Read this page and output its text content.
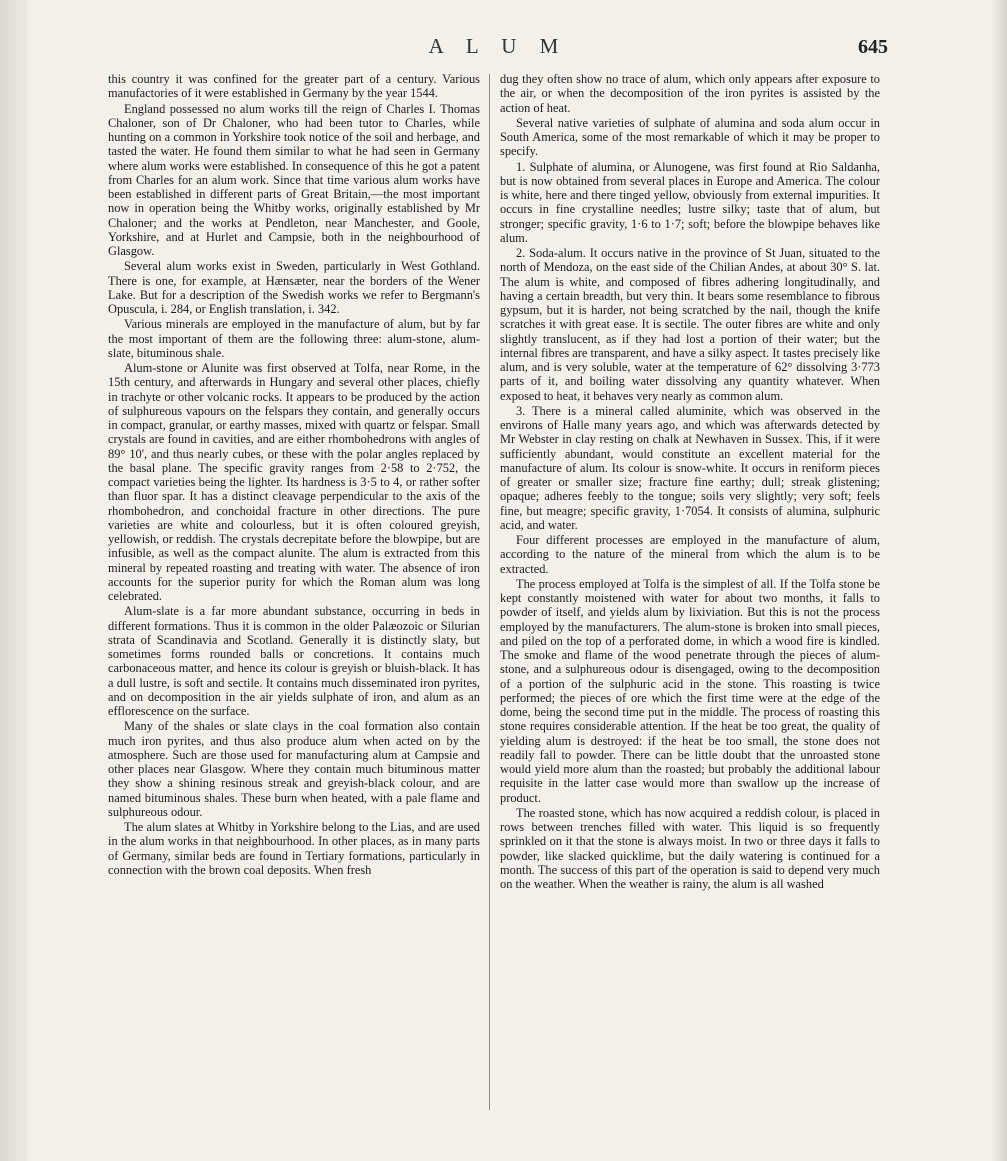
A L U M	645

this country it was confined for the greater part of a century. Various manufactories of it were established in Germany by the year 1544.

England possessed no alum works till the reign of Charles I. Thomas Chaloner, son of Dr Chaloner, who had been tutor to Charles, while hunting on a common in Yorkshire took notice of the soil and herbage, and tasted the water. He found them similar to what he had seen in Germany where alum works were established. In consequence of this he got a patent from Charles for an alum work. Since that time various alum works have been established in different parts of Great Britain,—the most important now in operation being the Whitby works, originally established by Mr Chaloner; and the works at Pendleton, near Manchester, and Goole, Yorkshire, and at Hurlet and Campsie, both in the neighbourhood of Glasgow.

Several alum works exist in Sweden, particularly in West Gothland. There is one, for example, at Hænsæter, near the borders of the Wener Lake. But for a description of the Swedish works we refer to Bergmann's Opuscula, i. 284, or English translation, i. 342.

Various minerals are employed in the manufacture of alum, but by far the most important of them are the following three: alum-stone, alum-slate, bituminous shale.

Alum-stone or Alunite was first observed at Tolfa, near Rome, in the 15th century, and afterwards in Hungary and several other places, chiefly in trachyte or other volcanic rocks. It appears to be produced by the action of sulphureous vapours on the felspars they contain, and generally occurs in compact, granular, or earthy masses, mixed with quartz or felspar. Small crystals are found in cavities, and are either rhombohedrons with angles of 89° 10', and thus nearly cubes, or these with the polar angles replaced by the basal plane. The specific gravity ranges from 2·58 to 2·752, the compact varieties being the lighter. Its hardness is 3·5 to 4, or rather softer than fluor spar. It has a distinct cleavage perpendicular to the axis of the rhombohedron, and conchoidal fracture in other directions. The pure varieties are white and colourless, but it is often coloured greyish, yellowish, or reddish. The crystals decrepitate before the blowpipe, but are infusible, as well as the compact alunite. The alum is extracted from this mineral by repeated roasting and treating with water. The absence of iron accounts for the superior purity for which the Roman alum was long celebrated.

Alum-slate is a far more abundant substance, occurring in beds in different formations. Thus it is common in the older Palæozoic or Silurian strata of Scandinavia and Scotland. Generally it is distinctly slaty, but sometimes forms rounded balls or concretions. It contains much carbonaceous matter, and hence its colour is greyish or bluish-black. It has a dull lustre, is soft and sectile. It contains much disseminated iron pyrites, and on decomposition in the air yields sulphate of iron, and alum as an efflorescence on the surface.

Many of the shales or slate clays in the coal formation also contain much iron pyrites, and thus also produce alum when acted on by the atmosphere. Such are those used for manufacturing alum at Campsie and other places near Glasgow. Where they contain much bituminous matter they show a shining resinous streak and greyish-black colour, and are named bituminous shales. These burn when heated, with a pale flame and sulphureous odour.

The alum slates at Whitby in Yorkshire belong to the Lias, and are used in the alum works in that neighbourhood. In other places, as in many parts of Germany, similar beds are found in Tertiary formations, particularly in connection with the brown coal deposits. When fresh

dug they often show no trace of alum, which only appears after exposure to the air, or when the decomposition of the iron pyrites is assisted by the action of heat.

Several native varieties of sulphate of alumina and soda alum occur in South America, some of the most remarkable of which it may be proper to specify.

1. Sulphate of alumina, or Alunogene, was first found at Rio Saldanha, but is now obtained from several places in Europe and America. The colour is white, here and there tinged yellow, obviously from external impurities. It occurs in fine crystalline needles; lustre silky; taste that of alum, but stronger; specific gravity, 1·6 to 1·7; soft; before the blowpipe behaves like alum.

2. Soda-alum. It occurs native in the province of St Juan, situated to the north of Mendoza, on the east side of the Chilian Andes, at about 30° S. lat. The alum is white, and composed of fibres adhering longitudinally, and having a certain breadth, but very thin. It bears some resemblance to fibrous gypsum, but it is harder, not being scratched by the nail, though the knife scratches it with great ease. It is sectile. The outer fibres are white and only slightly translucent, as if they had lost a portion of their water; but the internal fibres are transparent, and have a silky aspect. It tastes precisely like alum, and is very soluble, water at the temperature of 62° dissolving 3·773 parts of it, and boiling water dissolving any quantity whatever. When exposed to heat, it behaves very nearly as common alum.

3. There is a mineral called aluminite, which was observed in the environs of Halle many years ago, and which was afterwards detected by Mr Webster in clay resting on chalk at Newhaven in Sussex. This, if it were sufficiently abundant, would constitute an excellent material for the manufacture of alum. Its colour is snow-white. It occurs in reniform pieces of greater or smaller size; fracture fine earthy; dull; streak glistening; opaque; adheres feebly to the tongue; soils very slightly; very soft; feels fine, but meagre; specific gravity, 1·7054. It consists of alumina, sulphuric acid, and water.

Four different processes are employed in the manufacture of alum, according to the nature of the mineral from which the alum is to be extracted.

The process employed at Tolfa is the simplest of all. If the Tolfa stone be kept constantly moistened with water for about two months, it falls to powder of itself, and yields alum by lixiviation. But this is not the process employed by the manufacturers. The alum-stone is broken into small pieces, and piled on the top of a perforated dome, in which a wood fire is kindled. The smoke and flame of the wood penetrate through the pieces of alum-stone, and a sulphureous odour is disengaged, owing to the decomposition of a portion of the sulphuric acid in the stone. This roasting is twice performed; the pieces of ore which the first time were at the edge of the dome, being the second time put in the middle. The process of roasting this stone requires considerable attention. If the heat be too great, the quality of yielding alum is destroyed: if the heat be too small, the stone does not readily fall to powder. There can be little doubt that the unroasted stone would yield more alum than the roasted; but probably the additional labour requisite in the latter case would more than swallow up the increase of product.

The roasted stone, which has now acquired a reddish colour, is placed in rows between trenches filled with water. This liquid is so frequently sprinkled on it that the stone is always moist. In two or three days it falls to powder, like slacked quicklime, but the daily watering is continued for a month. The success of this part of the operation is said to depend very much on the weather. When the weather is rainy, the alum is all washed
